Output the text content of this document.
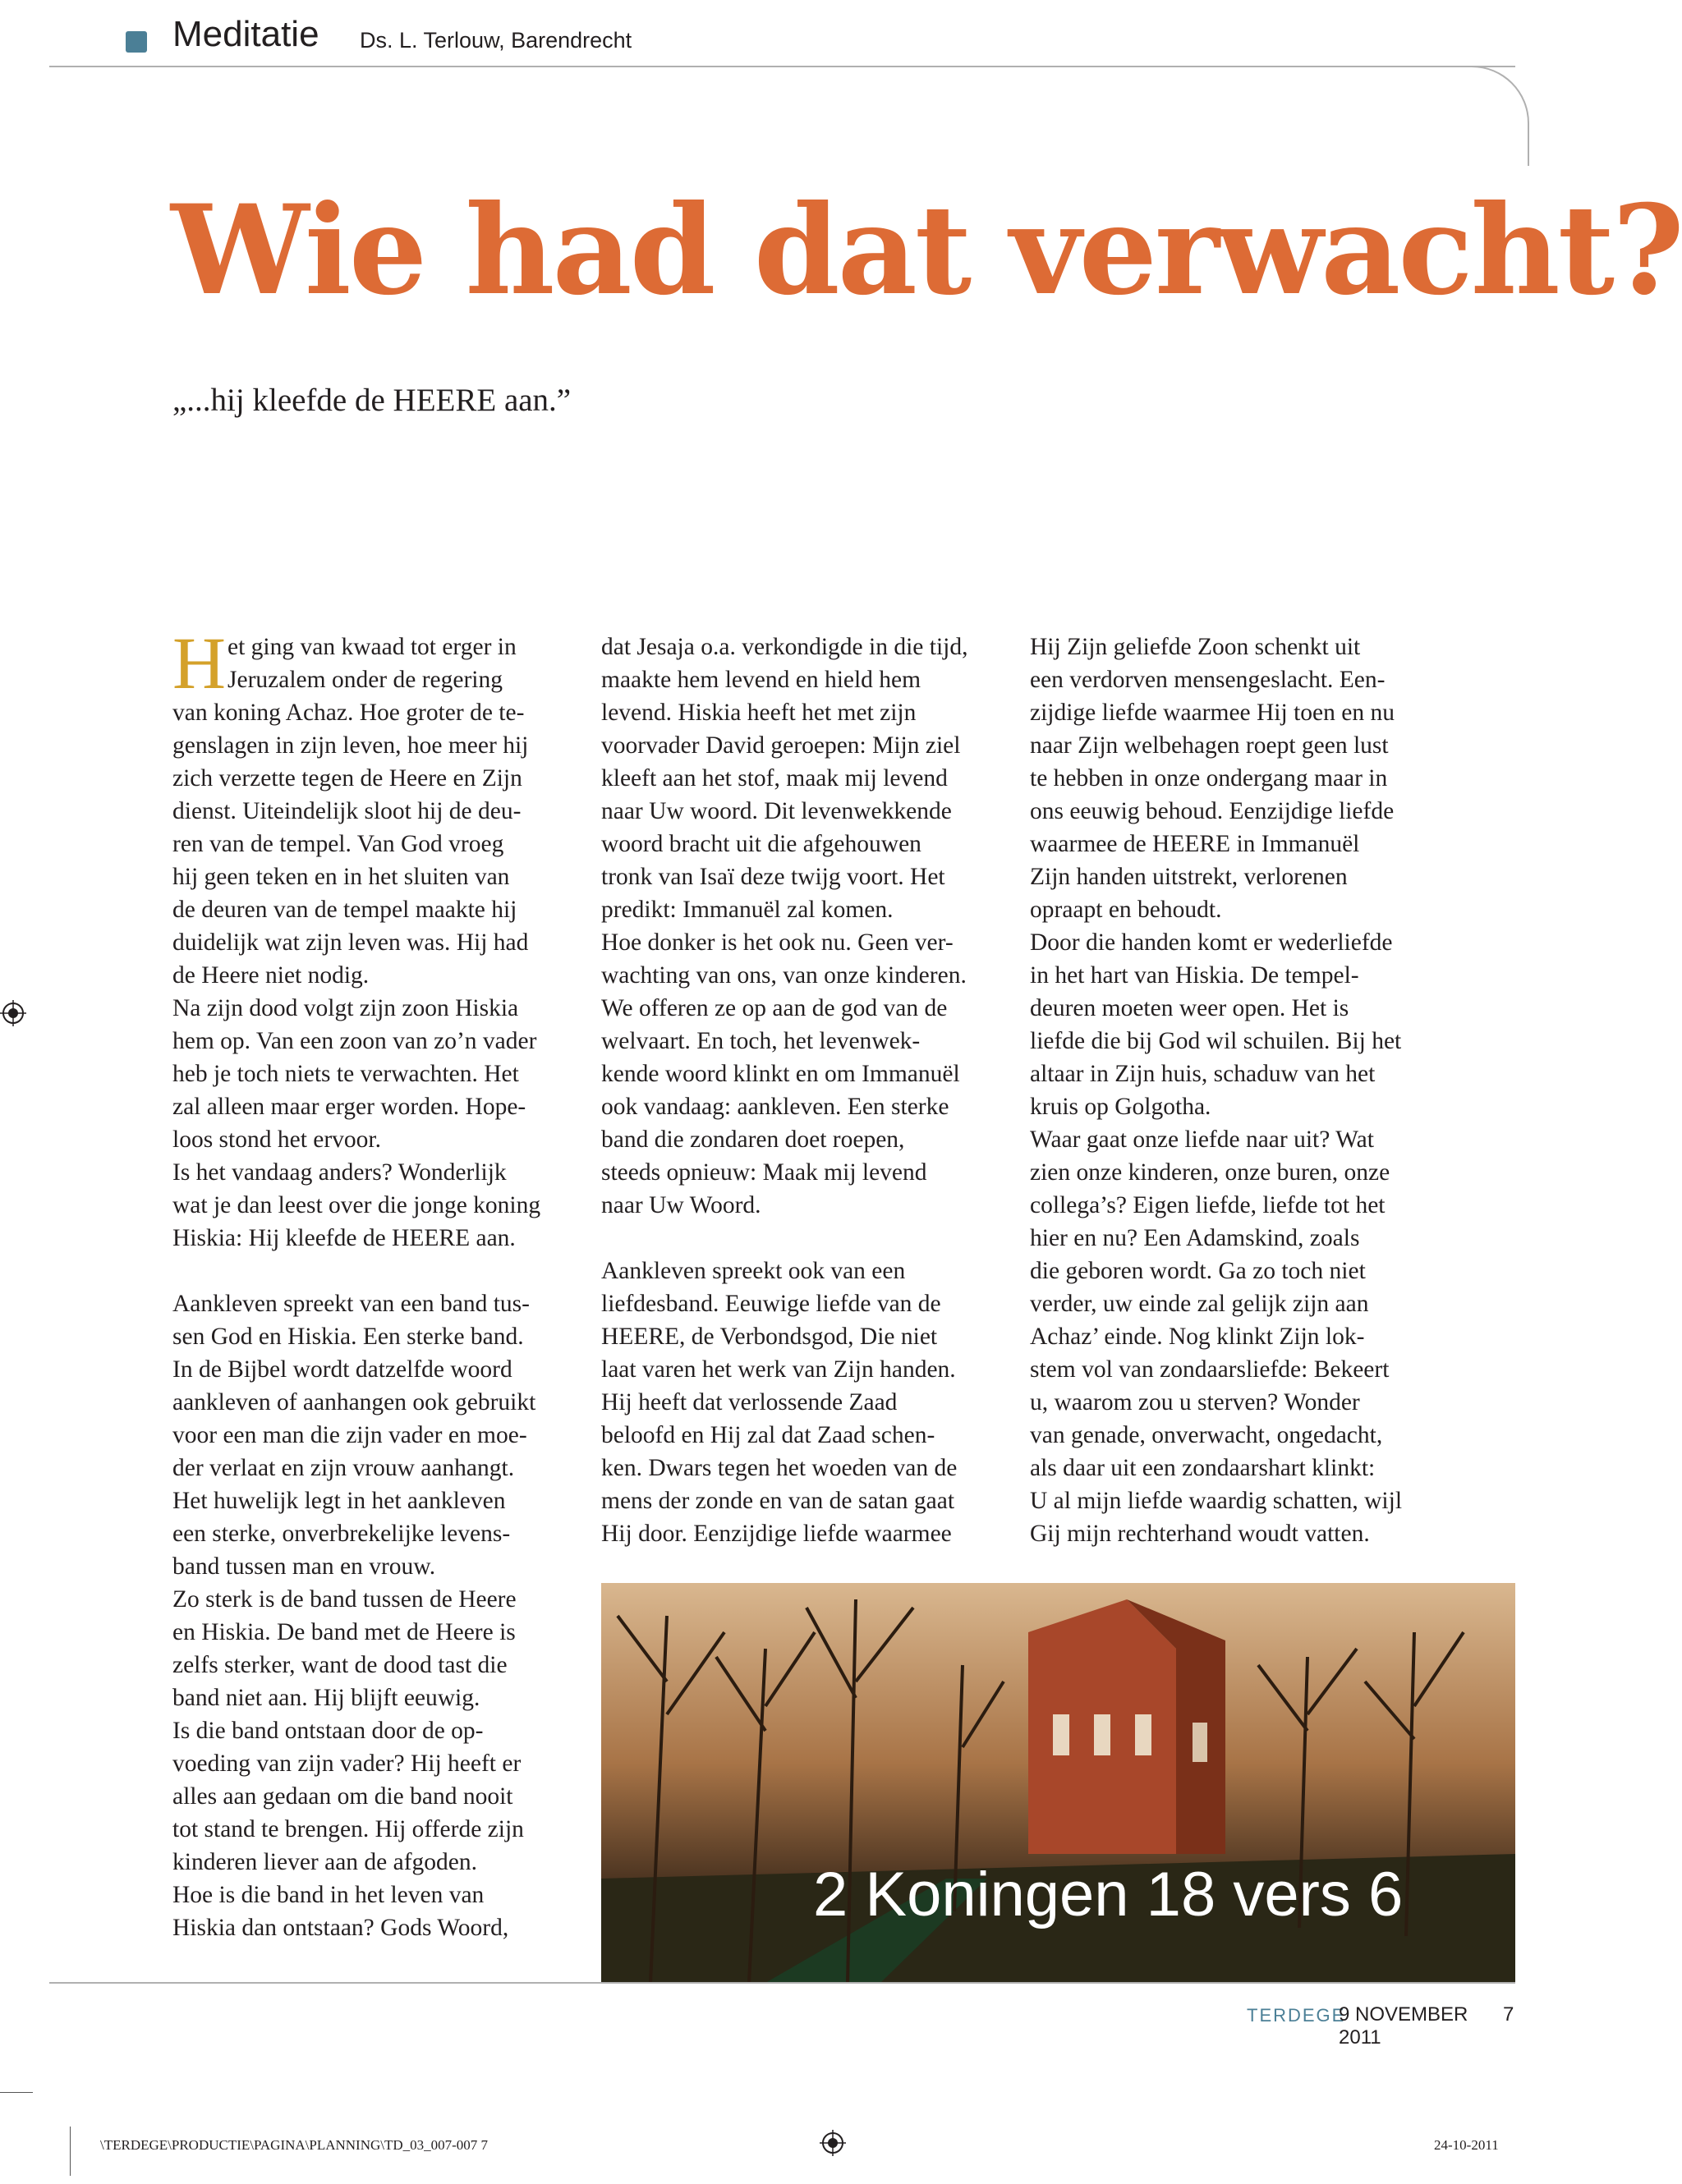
Meditatie Ds. L. Terlouw, Barendrecht
Wie had dat verwacht?
„...hij kleefde de HEERE aan.”
H et ging van kwaad tot erger in
Jeruzalem onder de regering
van koning Achaz. Hoe groter de te-
genslagen in zijn leven, hoe meer hij
zich verzette tegen de Heere en Zijn
dienst. Uiteindelijk sloot hij de deu-
ren van de tempel. Van God vroeg
hij geen teken en in het sluiten van
de deuren van de tempel maakte hij
duidelijk wat zijn leven was. Hij had
de Heere niet nodig.
Na zijn dood volgt zijn zoon Hiskia
hem op. Van een zoon van zo’n vader
heb je toch niets te verwachten. Het
zal alleen maar erger worden. Hope-
loos stond het ervoor.
Is het vandaag anders? Wonderlijk
wat je dan leest over die jonge koning
Hiskia: Hij kleefde de HEERE aan.
Aankleven spreekt van een band tus-
sen God en Hiskia. Een sterke band.
In de Bijbel wordt datzelfde woord
aankleven of aanhangen ook gebruikt
voor een man die zijn vader en moe-
der verlaat en zijn vrouw aanhangt.
Het huwelijk legt in het aankleven
een sterke, onverbrekelijke levens-
band tussen man en vrouw.
Zo sterk is de band tussen de Heere
en Hiskia. De band met de Heere is
zelfs sterker, want de dood tast die
band niet aan. Hij blijft eeuwig.
Is die band ontstaan door de op-
voeding van zijn vader? Hij heeft er
alles aan gedaan om die band nooit
tot stand te brengen. Hij offerde zijn
kinderen liever aan de afgoden.
Hoe is die band in het leven van
Hiskia dan ontstaan? Gods Woord,
dat Jesaja o.a. verkondigde in die tijd,
maakte hem levend en hield hem
levend. Hiskia heeft het met zijn
voorvader David geroepen: Mijn ziel
kleeft aan het stof, maak mij levend
naar Uw woord. Dit levenwekkende
woord bracht uit die afgehouwen
tronk van Isaï deze twijg voort. Het
predikt: Immanuël zal komen.
Hoe donker is het ook nu. Geen ver-
wachting van ons, van onze kinderen.
We offeren ze op aan de god van de
welvaart. En toch, het levenwek-
kende woord klinkt en om Immanuël
ook vandaag: aankleven. Een sterke
band die zondaren doet roepen,
steeds opnieuw: Maak mij levend
naar Uw Woord.
Aankleven spreekt ook van een
liefdesband. Eeuwige liefde van de
HEERE, de Verbondsgod, Die niet
laat varen het werk van Zijn handen.
Hij heeft dat verlossende Zaad
beloofd en Hij zal dat Zaad schen-
ken. Dwars tegen het woeden van de
mens der zonde en van de satan gaat
Hij door. Eenzijdige liefde waarmee
Hij Zijn geliefde Zoon schenkt uit
een verdorven mensengeslacht. Een-
zijdige liefde waarmee Hij toen en nu
naar Zijn welbehagen roept geen lust
te hebben in onze ondergang maar in
ons eeuwig behoud. Eenzijdige liefde
waarmee de HEERE in Immanuël
Zijn handen uitstrekt, verlorenen
opraapt en behoudt.
Door die handen komt er wederliefde
in het hart van Hiskia. De tempel-
deuren moeten weer open. Het is
liefde die bij God wil schuilen. Bij het
altaar in Zijn huis, schaduw van het
kruis op Golgotha.
Waar gaat onze liefde naar uit? Wat
zien onze kinderen, onze buren, onze
collega’s? Eigen liefde, liefde tot het
hier en nu? Een Adamskind, zoals
die geboren wordt. Ga zo toch niet
verder, uw einde zal gelijk zijn aan
Achaz’ einde. Nog klinkt Zijn lok-
stem vol van zondaarsliefde: Bekeert
u, waarom zou u sterven? Wonder
van genade, onverwacht, ongedacht,
als daar uit een zondaarshart klinkt:
U al mijn liefde waardig schatten, wijl
Gij mijn rechterhand woudt vatten.
2 Koningen 18 vers 6
TERDEGE
9 NOVEMBER 2011
7
\TERDEGE\PRODUCTIE\PAGINA\PLANNING\TD_03_007-007 7	24-10-2011
